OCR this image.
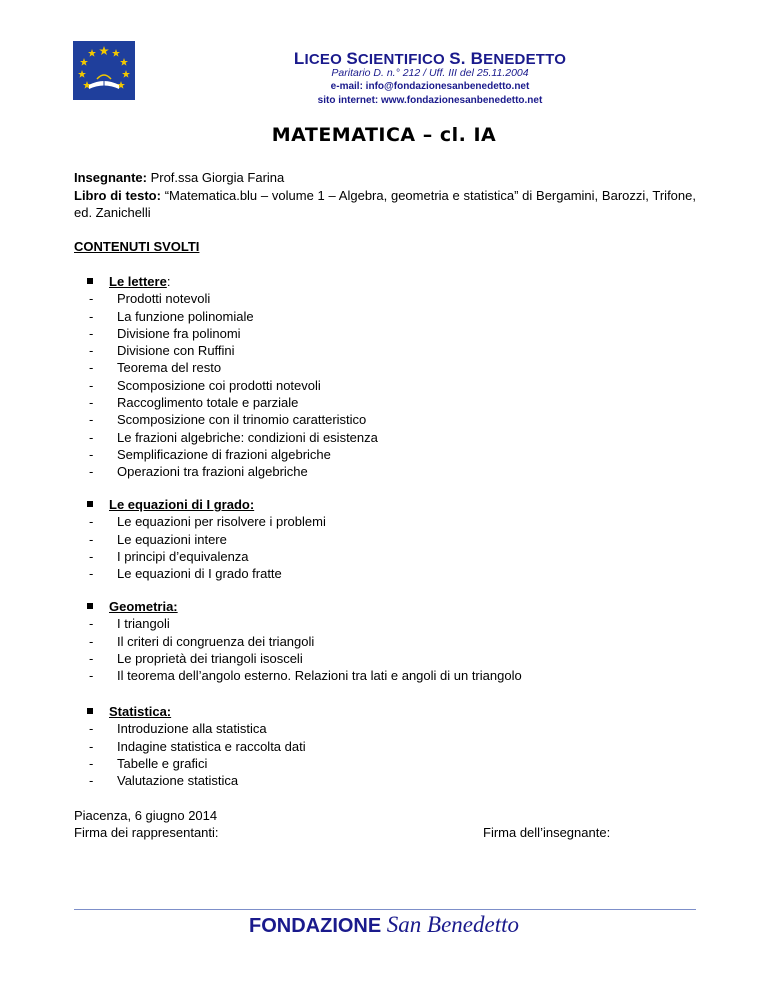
LICEO SCIENTIFICO S. BENEDETTO
Paritario D. n.° 212 / Uff. III del 25.11.2004
e-mail: info@fondazionesanbenedetto.net
sito internet: www.fondazionesanbenedetto.net
MATEMATICA – cl. IA
Insegnante: Prof.ssa Giorgia Farina
Libro di testo: “Matematica.blu – volume 1 – Algebra, geometria e statistica” di Bergamini, Barozzi, Trifone, ed. Zanichelli
CONTENUTI SVOLTI
Le lettere:
- Prodotti notevoli
- La funzione polinomiale
- Divisione fra polinomi
- Divisione con Ruffini
- Teorema del resto
- Scomposizione coi prodotti notevoli
- Raccoglimento totale e parziale
- Scomposizione con il trinomio caratteristico
- Le frazioni algebriche: condizioni di esistenza
- Semplificazione di frazioni algebriche
- Operazioni tra frazioni algebriche
Le equazioni di I grado:
- Le equazioni per risolvere i problemi
- Le equazioni intere
- I principi d’equivalenza
- Le equazioni di I grado fratte
Geometria:
- I triangoli
- Il criteri di congruenza dei triangoli
- Le proprietà dei triangoli isosceli
- Il teorema dell’angolo esterno. Relazioni tra lati e angoli di un triangolo
Statistica:
- Introduzione alla statistica
- Indagine statistica e raccolta dati
- Tabelle e grafici
- Valutazione statistica
Piacenza, 6 giugno 2014
Firma dei rappresentanti:	Firma dell’insegnante:
FONDAZIONE San Benedetto
